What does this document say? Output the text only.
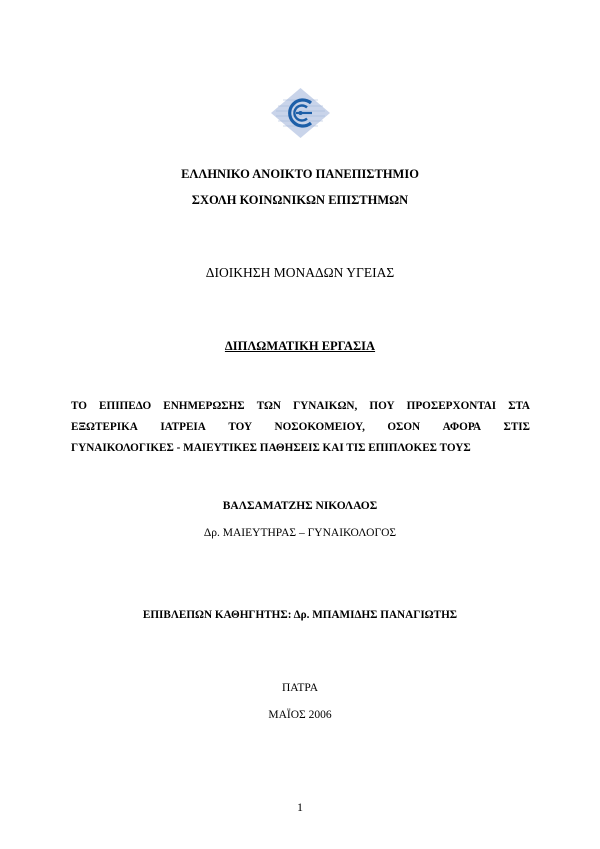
ΕΛΛΗΝΙΚΟ ΑΝΟΙΚΤΟ ΠΑΝΕΠΙΣΤΗΜΙΟ
ΣΧΟΛΗ ΚΟΙΝΩΝΙΚΩΝ ΕΠΙΣΤΗΜΩΝ
ΔΙΟΙΚΗΣΗ ΜΟΝΑΔΩΝ ΥΓΕΙΑΣ
ΔΙΠΛΩΜΑΤΙΚΗ ΕΡΓΑΣΙΑ
ΤΟ ΕΠΙΠΕΔΟ ΕΝΗΜΕΡΩΣΗΣ ΤΩΝ ΓΥΝΑΙΚΩΝ, ΠΟΥ ΠΡΟΣΕΡΧΟΝΤΑΙ ΣΤΑ
ΕΞΩΤΕΡΙΚΑ ΙΑΤΡΕΙΑ ΤΟΥ ΝΟΣΟΚΟΜΕΙΟΥ, ΟΣΟΝ ΑΦΟΡΑ ΣΤΙΣ
ΓΥΝΑΙΚΟΛΟΓΙΚΕΣ - ΜΑΙΕΥΤΙΚΕΣ ΠΑΘΗΣΕΙΣ ΚΑΙ ΤΙΣ ΕΠΙΠΛΟΚΕΣ ΤΟΥΣ
ΒΑΛΣΑΜΑΤΖΗΣ ΝΙΚΟΛΑΟΣ
Δρ. ΜΑΙΕΥΤΗΡΑΣ – ΓΥΝΑΙΚΟΛΟΓΟΣ
ΕΠΙΒΛΕΠΩΝ ΚΑΘΗΓΗΤΗΣ: Δρ. ΜΠΑΜΙΔΗΣ ΠΑΝΑΓΙΩΤΗΣ
ΠΑΤΡΑ
ΜΑΪΟΣ 2006
1
